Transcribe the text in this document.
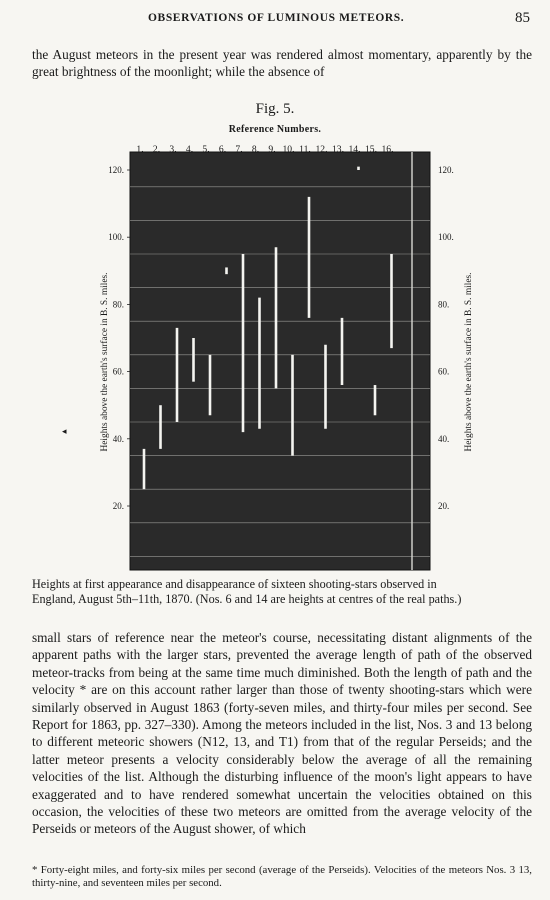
OBSERVATIONS OF LUMINOUS METEORS.	85
the August meteors in the present year was rendered almost momentary, apparently by the great brightness of the moonlight; while the absence of
Fig. 5.
Reference Numbers.
120.
100.
80.
60.
40.
20.
120.
100.
80.
60.
40.
20.
Heights above the earth's surface in B. S. miles.	Heights above the earth's surface in B. S. miles.
1. 2. 3. 4. 5. 6. 7. 8. 9. 10. 11. 12. 13. 14. 15. 16.
Heights at first appearance and disappearance of sixteen shooting-stars observed in
England, August 5th–11th, 1870. (Nos. 6 and 14 are heights at centres of the real paths.)
small stars of reference near the meteor's course, necessitating distant alignments of the apparent paths with the larger stars, prevented the average length of path of the observed meteor-tracks from being at the same time much diminished. Both the length of path and the velocity * are on this account rather larger than those of twenty shooting-stars which were similarly observed in August 1863 (forty-seven miles, and thirty-four miles per second. See Report for 1863, pp. 327–330). Among the meteors included in the list, Nos. 3 and 13 belong to different meteoric showers (N12, 13, and T1) from that of the regular Perseids; and the latter meteor presents a velocity considerably below the average of all the remaining velocities of the list. Although the disturbing influence of the moon's light appears to have exaggerated and to have rendered somewhat uncertain the velocities obtained on this occasion, the velocities of these two meteors are omitted from the average velocity of the Perseids or meteors of the August shower, of which
* Forty-eight miles, and forty-six miles per second (average of the Perseids). Velocities of the meteors Nos. 3 13, thirty-nine, and seventeen miles per second.
◂
